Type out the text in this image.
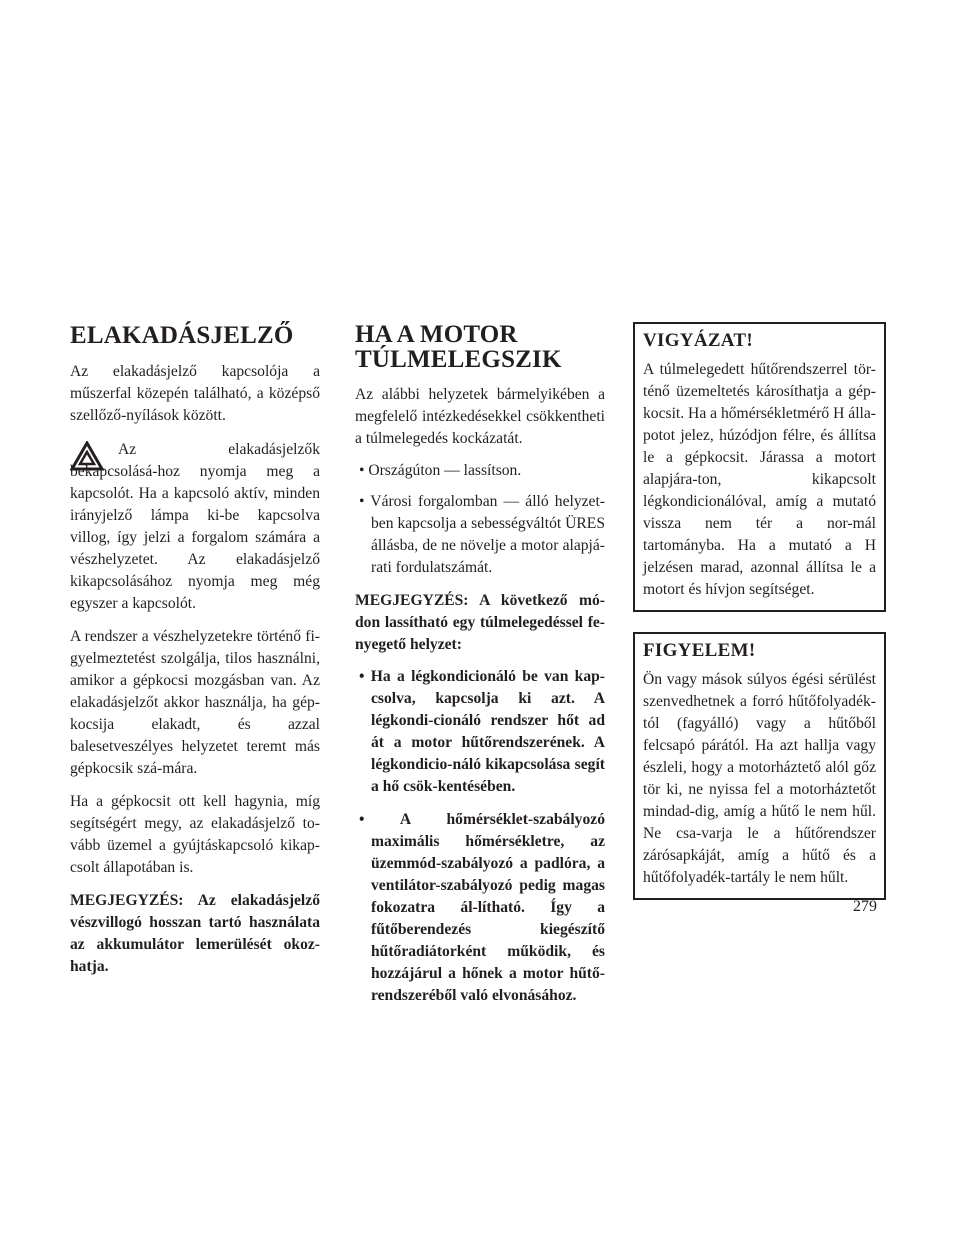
ELAKADÁSJELZŐ

Az elakadásjelző kapcsolója a műszerfal közepén található, a középső szellőző-nyílások között.

Az elakadásjelzők bekapcsolásá-hoz nyomja meg a kapcsolót. Ha a kapcsoló aktív, minden irányjelző lámpa ki-be kapcsolva villog, így jelzi a forgalom számára a vészhelyzetet. Az elakadásjelző kikapcsolásához nyomja meg még egyszer a kapcsolót.

A rendszer a vészhelyzetekre történő fi-gyelmeztetést szolgálja, tilos használni, amikor a gépkocsi mozgásban van. Az elakadásjelzőt akkor használja, ha gép-kocsija elakadt, és azzal balesetveszélyes helyzetet teremt más gépkocsik szá-mára.

Ha a gépkocsit ott kell hagynia, míg segítségért megy, az elakadásjelző to-vább üzemel a gyújtáskapcsoló kikap-csolt állapotában is.

MEGJEGYZÉS: Az elakadásjelző vészvillogó hosszan tartó használata az akkumulátor lemerülését okoz-hatja.

HA A MOTOR
TÚLMELEGSZIK

Az alábbi helyzetek bármelyikében a megfelelő intézkedésekkel csökkentheti a túlmelegedés kockázatát.

• Országúton — lassítson.
• Városi forgalomban — álló helyzet-ben kapcsolja a sebességváltót ÜRES állásba, de ne növelje a motor alapjá-rati fordulatszámát.

MEGJEGYZÉS: A következő mó-don lassítható egy túlmelegedéssel fe-nyegető helyzet:

• Ha a légkondicionáló be van kap-csolva, kapcsolja ki azt. A légkondi-cionáló rendszer hőt ad át a motor hűtőrendszerének. A légkondicio-náló kikapcsolása segít a hő csök-kentésében.
• A hőmérséklet-szabályozó maximális hőmérsékletre, az üzemmód-szabályozó a padlóra, a ventilátor-szabályozó pedig magas fokozatra ál-lítható. Így a fűtőberendezés kiegészítő hűtőradiátorként működik, és hozzájárul a hőnek a motor hűtő-rendszeréből való elvonásához.
VIGYÁZAT!

A túlmelegedett hűtőrendszerrel tör-ténő üzemeltetés károsíthatja a gép-kocsit. Ha a hőmérsékletmérő H álla-potot jelez, húzódjon félre, és állítsa le a gépkocsit. Járassa a motort alapjára-ton, kikapcsolt légkondicionálóval, amíg a mutató vissza nem tér a nor-mál tartományba. Ha a mutató a H jelzésen marad, azonnal állítsa le a motort és hívjon segítséget.

FIGYELEM!

Ön vagy mások súlyos égési sérülést szenvedhetnek a forró hűtőfolyadék-tól (fagyálló) vagy a hűtőből felcsapó párától. Ha azt hallja vagy észleli, hogy a motorháztető alól gőz tör ki, ne nyissa fel a motorháztetőt mindad-dig, amíg a hűtő le nem hűl. Ne csa-varja le a hűtőrendszer zárósapkáját, amíg a hűtő és a hűtőfolyadék-tartály le nem hűlt.

279
